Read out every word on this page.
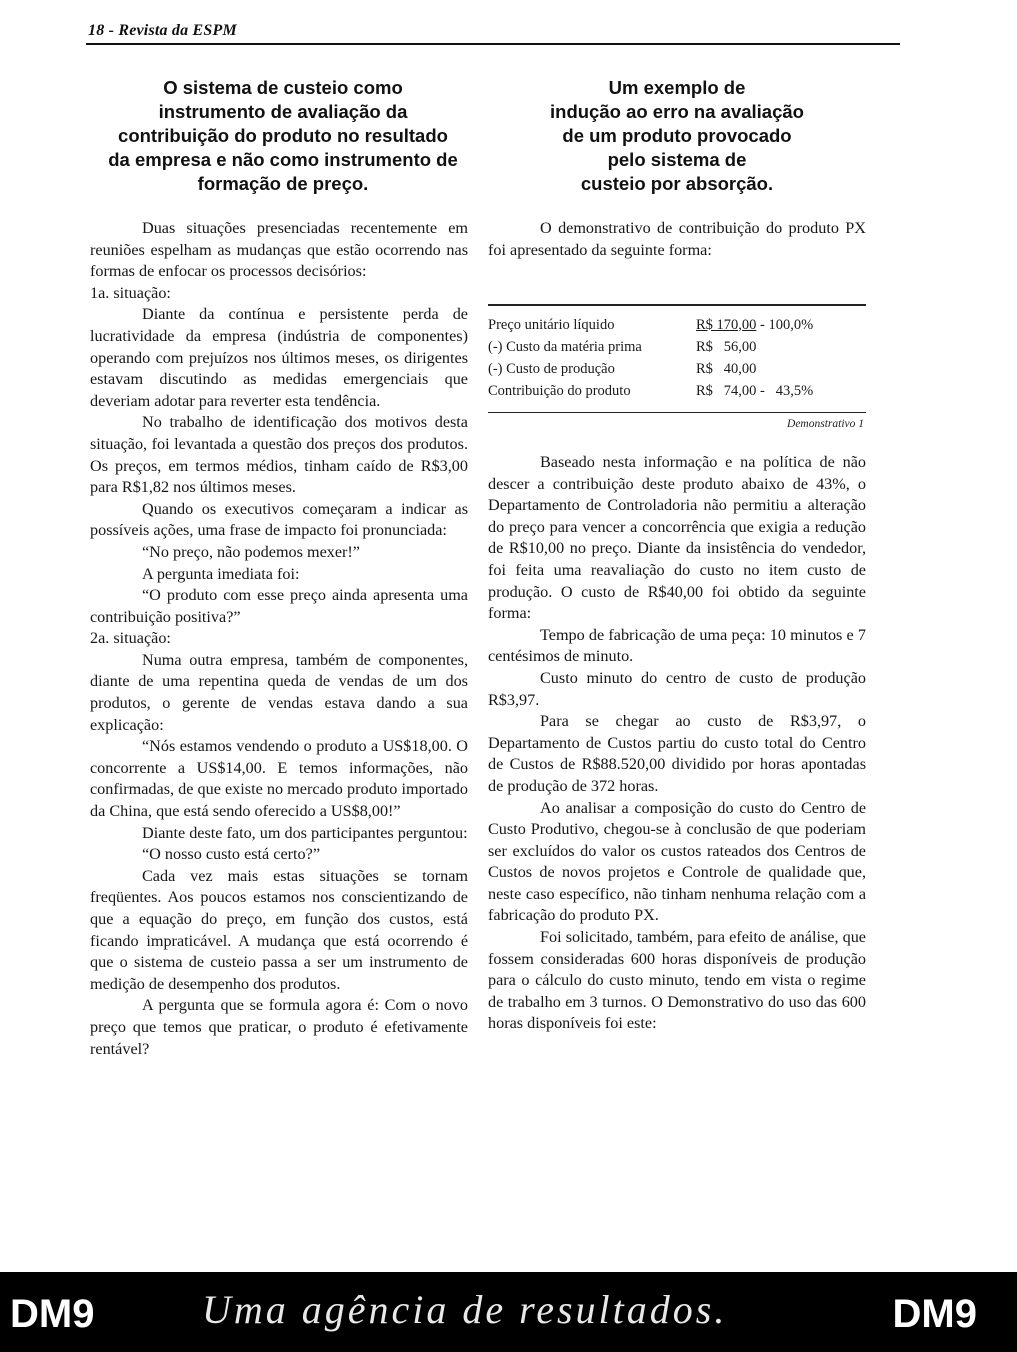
18 - Revista da ESPM
O sistema de custeio como
instrumento de avaliação da
contribuição do produto no resultado
da empresa e não como instrumento de
formação de preço.
Um exemplo de
indução ao erro na avaliação
de um produto provocado
pelo sistema de
custeio por absorção.

Duas situações presenciadas recentemente em reuniões espelham as mudanças que estão ocorrendo nas formas de enfocar os processos decisórios:

1a. situação:

Diante da contínua e persistente perda de lucratividade da empresa (indústria de componentes) operando com prejuízos nos últimos meses, os dirigentes estavam discutindo as medidas emergenciais que deveriam adotar para reverter esta tendência.

No trabalho de identificação dos motivos desta situação, foi levantada a questão dos preços dos produtos. Os preços, em termos médios, tinham caído de R$3,00 para R$1,82 nos últimos meses.

Quando os executivos começaram a indicar as possíveis ações, uma frase de impacto foi pronunciada:

“No preço, não podemos mexer!”

A pergunta imediata foi:

“O produto com esse preço ainda apresenta uma contribuição positiva?”

2a. situação:

Numa outra empresa, também de componentes, diante de uma repentina queda de vendas de um dos produtos, o gerente de vendas estava dando a sua explicação:

“Nós estamos vendendo o produto a US$18,00. O concorrente a US$14,00. E temos informações, não confirmadas, de que existe no mercado produto importado da China, que está sendo oferecido a US$8,00!”

Diante deste fato, um dos participantes perguntou:

“O nosso custo está certo?”

Cada vez mais estas situações se tornam freqüentes. Aos poucos estamos nos conscientizando de que a equação do preço, em função dos custos, está ficando impraticável. A mudança que está ocorrendo é que o sistema de custeio passa a ser um instrumento de medição de desempenho dos produtos.

A pergunta que se formula agora é: Com o novo preço que temos que praticar, o produto é efetivamente rentável?

O demonstrativo de contribuição do produto PX foi apresentado da seguinte forma:

Preço unitário líquido	R$ 170,00 - 100,0%
(-) Custo da matéria prima	R$   56,00
(-) Custo de produção	R$   40,00
Contribuição do produto	R$   74,00 -   43,5%
Demonstrativo 1

Baseado nesta informação e na política de não descer a contribuição deste produto abaixo de 43%, o Departamento de Controladoria não permitiu a alteração do preço para vencer a concorrência que exigia a redução de R$10,00 no preço. Diante da insistência do vendedor, foi feita uma reavaliação do custo no item custo de produção. O custo de R$40,00 foi obtido da seguinte forma:

Tempo de fabricação de uma peça: 10 minutos e 7 centésimos de minuto.

Custo minuto do centro de custo de produção R$3,97.

Para se chegar ao custo de R$3,97, o Departamento de Custos partiu do custo total do Centro de Custos de R$88.520,00 dividido por horas apontadas de produção de 372 horas.

Ao analisar a composição do custo do Centro de Custo Produtivo, chegou-se à conclusão de que poderiam ser excluídos do valor os custos rateados dos Centros de Custos de novos projetos e Controle de qualidade que, neste caso específico, não tinham nenhuma relação com a fabricação do produto PX.

Foi solicitado, também, para efeito de análise, que fossem consideradas 600 horas disponíveis de produção para o cálculo do custo minuto, tendo em vista o regime de trabalho em 3 turnos. O Demonstrativo do uso das 600 horas disponíveis foi este:

DM9	Uma agência de resultados.	DM9
